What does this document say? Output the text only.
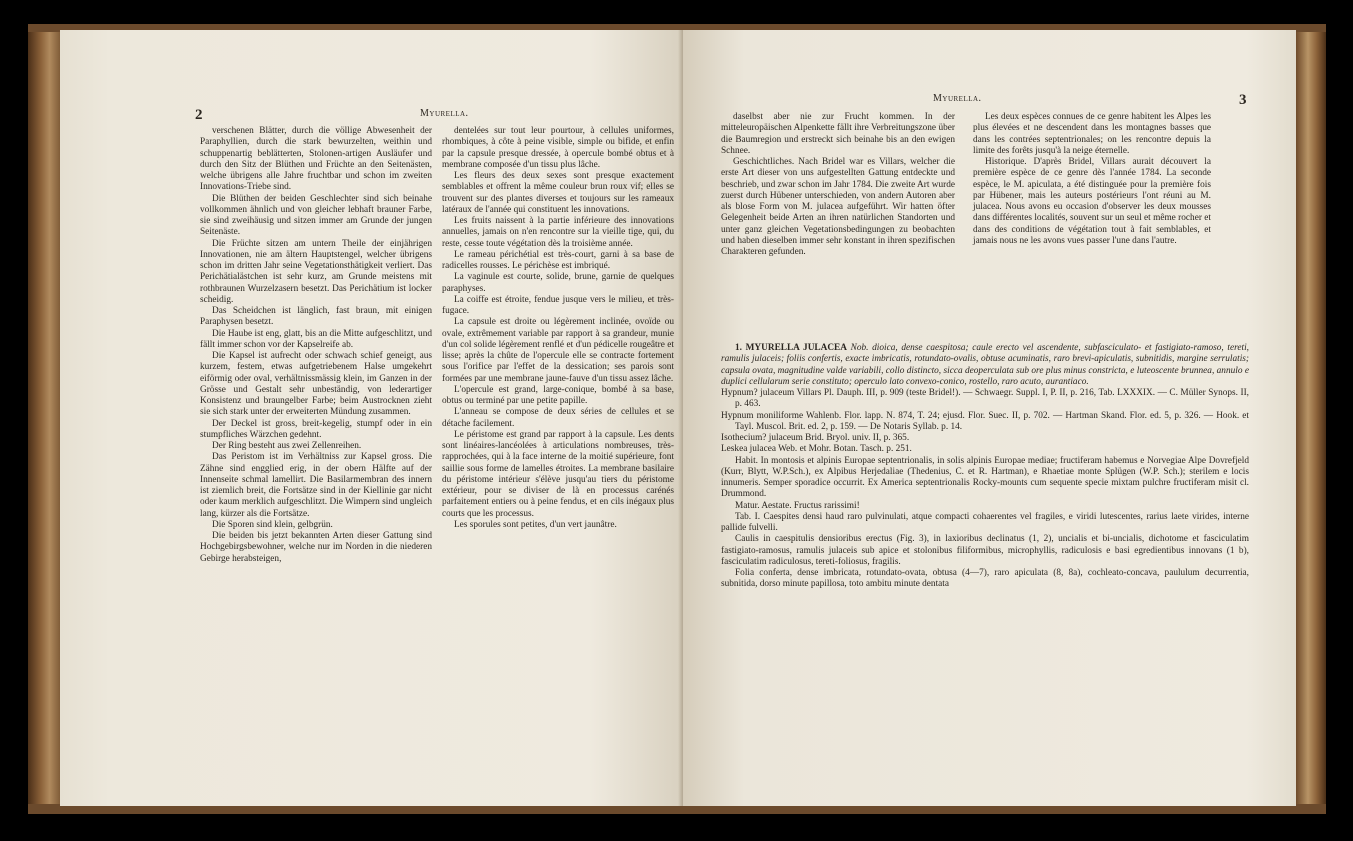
2	Myurella.

verschenen Blätter, durch die völlige Abwesenheit der Paraphyllien, durch die stark bewurzelten, weithin und schuppenartig beblätterten, Stolonen-artigen Ausläufer und durch den Sitz der Blüthen und Früchte an den Seitenästen, welche übrigens alle Jahre fruchtbar und schon im zweiten Innovations-Triebe sind.

Die Blüthen der beiden Geschlechter sind sich beinahe vollkommen ähnlich und von gleicher lebhaft brauner Farbe, sie sind zweihäusig und sitzen immer am Grunde der jungen Seitenäste.

Die Früchte sitzen am untern Theile der einjährigen Innovationen, nie am ältern Hauptstengel, welcher übrigens schon im dritten Jahr seine Vegetationsthätigkeit verliert. Das Perichätialästchen ist sehr kurz, am Grunde meistens mit rothbraunen Wurzelzasern besetzt. Das Perichätium ist locker scheidig.

Das Scheidchen ist länglich, fast braun, mit einigen Paraphysen besetzt.

Die Haube ist eng, glatt, bis an die Mitte aufgeschlitzt, und fällt immer schon vor der Kapselreife ab.

Die Kapsel ist aufrecht oder schwach schief geneigt, aus kurzem, festem, etwas aufgetriebenem Halse umgekehrt eiförmig oder oval, verhältnissmässig klein, im Ganzen in der Grösse und Gestalt sehr unbeständig, von lederartiger Konsistenz und braungelber Farbe; beim Austrocknen zieht sie sich stark unter der erweiterten Mündung zusammen.

Der Deckel ist gross, breit-kegelig, stumpf oder in ein stumpfliches Wärzchen gedehnt.

Der Ring besteht aus zwei Zellenreihen.

Das Peristom ist im Verhältniss zur Kapsel gross. Die Zähne sind engglied erig, in der obern Hälfte auf der Innenseite schmal lamellirt. Die Basilarmembran des innern ist ziemlich breit, die Fortsätze sind in der Kiellinie gar nicht oder kaum merklich aufgeschlitzt. Die Wimpern sind ungleich lang, kürzer als die Fortsätze.

Die Sporen sind klein, gelbgrün.

Die beiden bis jetzt bekannten Arten dieser Gattung sind Hochgebirgsbewohner, welche nur im Norden in die niederen Gebirge herabsteigen,

dentelées sur tout leur pourtour, à cellules uniformes, rhombiques, à côte à peine visible, simple ou bifide, et enfin par la capsule presque dressée, à opercule bombé obtus et à membrane composée d'un tissu plus lâche.

Les fleurs des deux sexes sont presque exactement semblables et offrent la même couleur brun roux vif; elles se trouvent sur des plantes diverses et toujours sur les rameaux latéraux de l'année qui constituent les innovations.

Les fruits naissent à la partie inférieure des innovations annuelles, jamais on n'en rencontre sur la vieille tige, qui, du reste, cesse toute végétation dès la troisième année.

Le rameau périchétial est très-court, garni à sa base de radicelles rousses. Le périchèse est imbriqué.

La vaginule est courte, solide, brune, garnie de quelques paraphyses.

La coiffe est étroite, fendue jusque vers le milieu, et très-fugace.

La capsule est droite ou légèrement inclinée, ovoïde ou ovale, extrêmement variable par rapport à sa grandeur, munie d'un col solide légèrement renflé et d'un pédicelle rougeâtre et lisse; après la chûte de l'opercule elle se contracte fortement sous l'orifice par l'effet de la dessication; ses parois sont formées par une membrane jaune-fauve d'un tissu assez lâche.

L'opercule est grand, large-conique, bombé à sa base, obtus ou terminé par une petite papille.

L'anneau se compose de deux séries de cellules et se détache facilement.

Le péristome est grand par rapport à la capsule. Les dents sont linéaires-lancéolées à articulations nombreuses, très-rapprochées, qui à la face interne de la moitié supérieure, font saillie sous forme de lamelles étroites. La membrane basilaire du péristome intérieur s'élève jusqu'au tiers du péristome extérieur, pour se diviser de là en processus carénés parfaitement entiers ou à peine fendus, et en cils inégaux plus courts que les processus.

Les sporules sont petites, d'un vert jaunâtre.

Myurella.	3

daselbst aber nie zur Frucht kommen. In der mitteleuropäischen Alpenkette fällt ihre Verbreitungszone über die Baumregion und erstreckt sich beinahe bis an den ewigen Schnee.

Geschichtliches. Nach Bridel war es Villars, welcher die erste Art dieser von uns aufgestellten Gattung entdeckte und beschrieb, und zwar schon im Jahr 1784. Die zweite Art wurde zuerst durch Hübener unterschieden, von andern Autoren aber als blose Form von M. julacea aufgeführt. Wir hatten öfter Gelegenheit beide Arten an ihren natürlichen Standorten und unter ganz gleichen Vegetationsbedingungen zu beobachten und haben dieselben immer sehr konstant in ihren spezifischen Charakteren gefunden.

Les deux espèces connues de ce genre habitent les Alpes les plus élevées et ne descendent dans les montagnes basses que dans les contrées septentrionales; on les rencontre depuis la limite des forêts jusqu'à la neige éternelle.

Historique. D'après Bridel, Villars aurait découvert la première espèce de ce genre dès l'année 1784. La seconde espèce, le M. apiculata, a été distinguée pour la première fois par Hübener, mais les auteurs postérieurs l'ont réuni au M. julacea. Nous avons eu occasion d'observer les deux mousses dans différentes localités, souvent sur un seul et même rocher et dans des conditions de végétation tout à fait semblables, et jamais nous ne les avons vues passer l'une dans l'autre.

1. MYURELLA JULACEA Nob. dioica, dense caespitosa; caule erecto vel ascendente, subfasciculato- et fastigiato-ramoso, tereti, ramulis julaceis; foliis confertis, exacte imbricatis, rotundato-ovalis, obtuse acuminatis, raro brevi-apiculatis, subnitidis, margine serrulatis; capsula ovata, magnitudine valde variabili, collo distincto, sicca deoperculata sub ore plus minus constricta, e luteoscente brunnea, annulo e duplici cellularum serie constituto; operculo lato convexo-conico, rostello, raro acuto, aurantiaco.

Hypnum? julaceum Villars Pl. Dauph. III, p. 909 (teste Bridel!). — Schwaegr. Suppl. I, P. II, p. 216, Tab. LXXXIX. — C. Müller Synops. II, p. 463.

Hypnum moniliforme Wahlenb. Flor. lapp. N. 874, T. 24; ejusd. Flor. Suec. II, p. 702. — Hartman Skand. Flor. ed. 5, p. 326. — Hook. et Tayl. Muscol. Brit. ed. 2, p. 159. — De Notaris Syllab. p. 14.

Isothecium? julaceum Brid. Bryol. univ. II, p. 365.

Leskea julacea Web. et Mohr. Botan. Tasch. p. 251.

Habit. In montosis et alpinis Europae septentrionalis, in solis alpinis Europae mediae; fructiferam habemus e Norvegiae Alpe Dovrefjeld (Kurr, Blytt, W.P.Sch.), ex Alpibus Herjedaliae (Thedenius, C. et R. Hartman), e Rhaetiae monte Splügen (W.P. Sch.); sterilem e locis innumeris. Semper sporadice occurrit. Ex America septentrionalis Rocky-mounts cum sequente specie mixtam pulchre fructiferam misit cl. Drummond.

Matur. Aestate. Fructus rarissimi!

Tab. I. Caespites densi haud raro pulvinulati, atque compacti cohaerentes vel fragiles, e viridi lutescentes, rarius laete virides, interne pallide fulvelli.

Caulis in caespitulis densioribus erectus (Fig. 3), in laxioribus declinatus (1, 2), uncialis et bi-uncialis, dichotome et fasciculatim fastigiato-ramosus, ramulis julaceis sub apice et stolonibus filiformibus, microphyllis, radiculosis e basi egredientibus innovans (1 b), fasciculatim radiculosus, tereti-foliosus, fragilis.

Folia conferta, dense imbricata, rotundato-ovata, obtusa (4—7), raro apiculata (8, 8a), cochleato-concava, paululum decurrentia, subnitida, dorso minute papillosa, toto ambitu minute dentata
